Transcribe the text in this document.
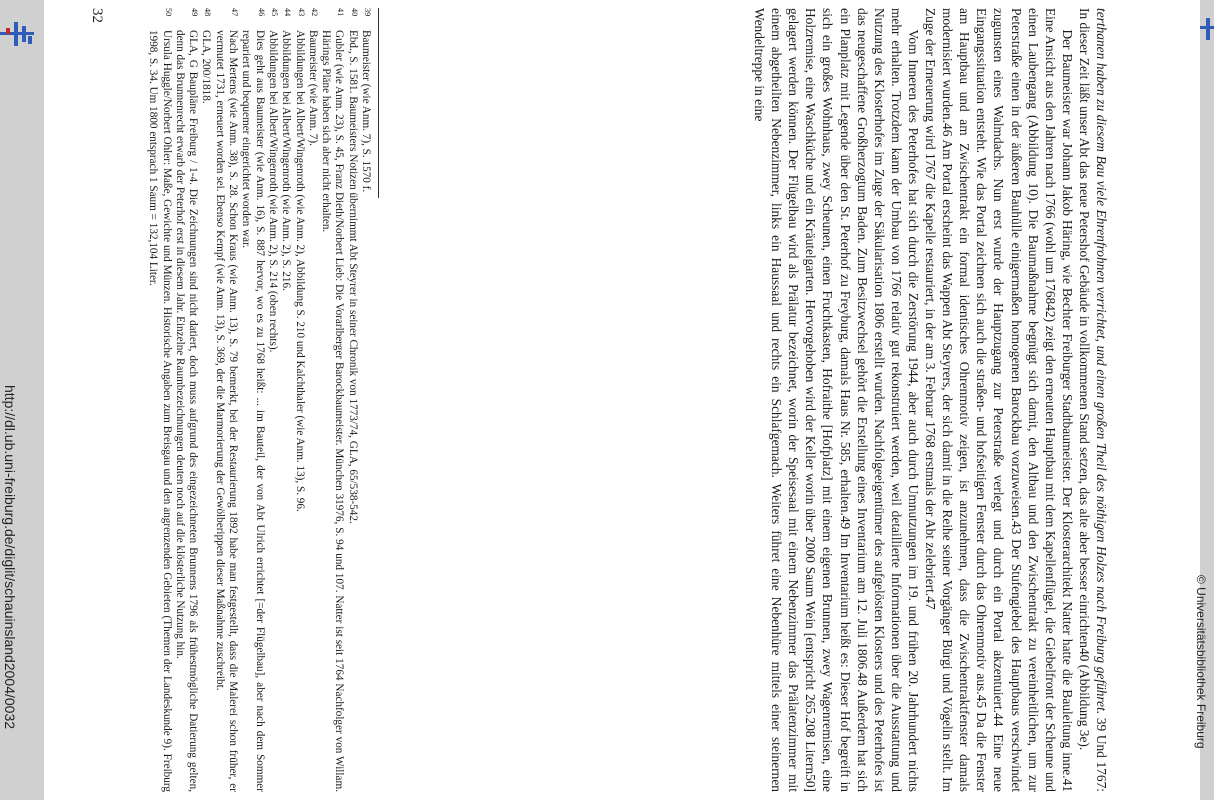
http://dl.ub.uni-freiburg.de/diglit/schauinsland2004/0032	© Universitätsbibliothek Freiburg

terthanen haben zu diesem Bau viele Ehrenfrohnen verrichtet, und einen großen Theil des nöthigen Holzes nach Freiburg geführet. 39 Und 1767: In dieser Zeit läßt unser Abt das neue Petershof Gebäude in vollkommenen Stand setzen, das alte aber besser einrichten40 (Abbildung 3e).

Der Baumeister war Johann Jakob Häring, wie Bechter Freiburger Stadtbaumeister. Der Klosterarchitekt Natter hatte die Bauleitung inne.41 Eine Ansicht aus den Jahren nach 1766 (wohl um 176842) zeigt den erneuten Hauptbau mit dem Kapellenflügel, die Giebelfront der Scheune und einen Laubengang (Abbildung 10). Die Baumaßnahme begnügt sich damit, den Altbau und den Zwischentrakt zu vereinheitlichen, um zur Peterstraße einen in der äußeren Bauhülle einigermaßen homogenen Barockbau vorzuweisen.43 Der Stufengiebel des Hauptbaus verschwindet zugunsten eines Walmdachs. Nun erst wurde der Hauptzugang zur Peterstraße verlegt und durch ein Portal akzentuiert.44 Eine neue Eingangssituation entsteht. Wie das Portal zeichnen sich auch die straßen- und hofseitigen Fenster durch das Ohrenmotiv aus.45 Da die Fenster am Hauptbau und am Zwischentrakt ein formal identisches Ohrenmotiv zeigen, ist anzunehmen, dass die Zwischentraktfenster damals modernisiert wurden.46 Am Portal erscheint das Wappen Abt Steyrers, der sich damit in die Reihe seiner Vorgänger Bürgi und Vögelin stellt. Im Zuge der Erneuerung wird 1767 die Kapelle restauriert, in der am 3. Februar 1768 erstmals der Abt zelebriert.47

Vom Inneren des Peterhofes hat sich durch die Zerstörung 1944, aber auch durch Umnutzungen im 19. und frühen 20. Jahrhundert nichts mehr erhalten. Trotzdem kann der Umbau von 1766 relativ gut rekonstruiert werden, weil detaillierte Informationen über die Ausstattung und Nutzung des Klosterhofes im Zuge der Säkularisation 1806 erstellt wurden. Nachfolgeeigentümer des aufgelösten Klosters und des Peterhofes ist das neugeschaffene Großherzogtum Baden. Zum Besitzwechsel gehört die Erstellung eines Inventarium am 12. Juli 1806.48 Außerdem hat sich ein Planplatz mit Legende über den St. Peterhof zu Freyburg, damals Haus Nr. 585, erhalten.49 Im Inventarium heißt es: Dieser Hof begreift in sich ein großes Wohnhaus, zwey Scheunen, einen Fruchtkasten, Hofraithe [Hofplatz] mit einem eigenen Brunnen, zwey Wagenremisen, eine Holzremise, eine Waschküche und ein Kräutelgarten. Hervorgehoben wird der Keller worin über 2000 Saum Wein [entspricht 265.208 Litern50] gelagert werden können. Der Flügelbau wird als Prälatur bezeichnet, worin der Speisesaal mit einem Nebenzimmer das Prälatenzimmer mit einem abgetheilten Nebenzimmer, links ein Haussaal und rechts ein Schlafgemach. Weiters führet eine Nebenhüre mittels einer steinernen Wendeltreppe in eine

39
Baumeister (wie Anm. 7), S. 1570 f.
40
Ebd., S. 1581. Baumeisters Notizen übernimmt Abt Steyrer in seiner Chronik von 1773/74, GLA, 65/538-542.
41
Gubler (wie Anm. 23), S. 45, Franz Dieth/Norbert Lieb: Die Vorarlberger Barockbaumeister. München 31976, S. 94 und 107. Natter ist seit 1764 Nachfolger von Willam. Härings Pläne haben sich aber nicht erhalten.
42
Baumeister (wie Anm. 7).
43
Abbildungen bei Albert/Wingenroth (wie Anm. 2), Abbildung S. 210 und Kalchthaler (wie Anm. 13), S. 96.
44
Abbildungen bei Albert/Wingenroth (wie Anm. 2), S. 216.
45
Abbildungen bei Albert/Wingenroth (wie Anm. 2), S. 214 (oben rechts).
46
Dies geht aus Baumeister (wie Anm. 16), S. 887 hervor, wo es zu 1768 heißt: ... im Bauteil, der von Abt Ulrich errichtet [=der Flügelbau], aber nach dem Sommer repariert und bequemer eingerichtet worden war.
47
Nach Mertens (wie Anm. 38), S. 28. Schon Kraus (wie Anm. 13), S. 79 bemerkt, bei der Restaurierung 1892 habe man festgestellt, dass die Malerei schon früher, er vermutet 1731, erneuert worden sei. Ebenso Kempf (wie Anm. 13), S. 369, der die Marmorierung der Gewölberippen dieser Maßnahme zuschreibt.
48
GLA, 200/1818.
49
GLA, G Baupläne Freiburg / 1-4. Die Zeichnungen sind nicht datiert, doch muss aufgrund des eingezeichneten Brunnens 1796 als frühestmögliche Datierung gelten, denn das Brunnenrecht erwarb der Peterhof erst in diesem Jahr. Einzelne Raumbezeichnungen deuten noch auf die klösterliche Nutzung hin.
50
Ursula Huggle/Norbert Ohler: Maße, Gewichte und Münzen. Historische Angaben zum Breisgau und den angrenzenden Gebieten (Themen der Landeskunde 9). Freiburg 1998, S. 34. Um 1800 entsprach 1 Saum = 132,104 Liter.
32
